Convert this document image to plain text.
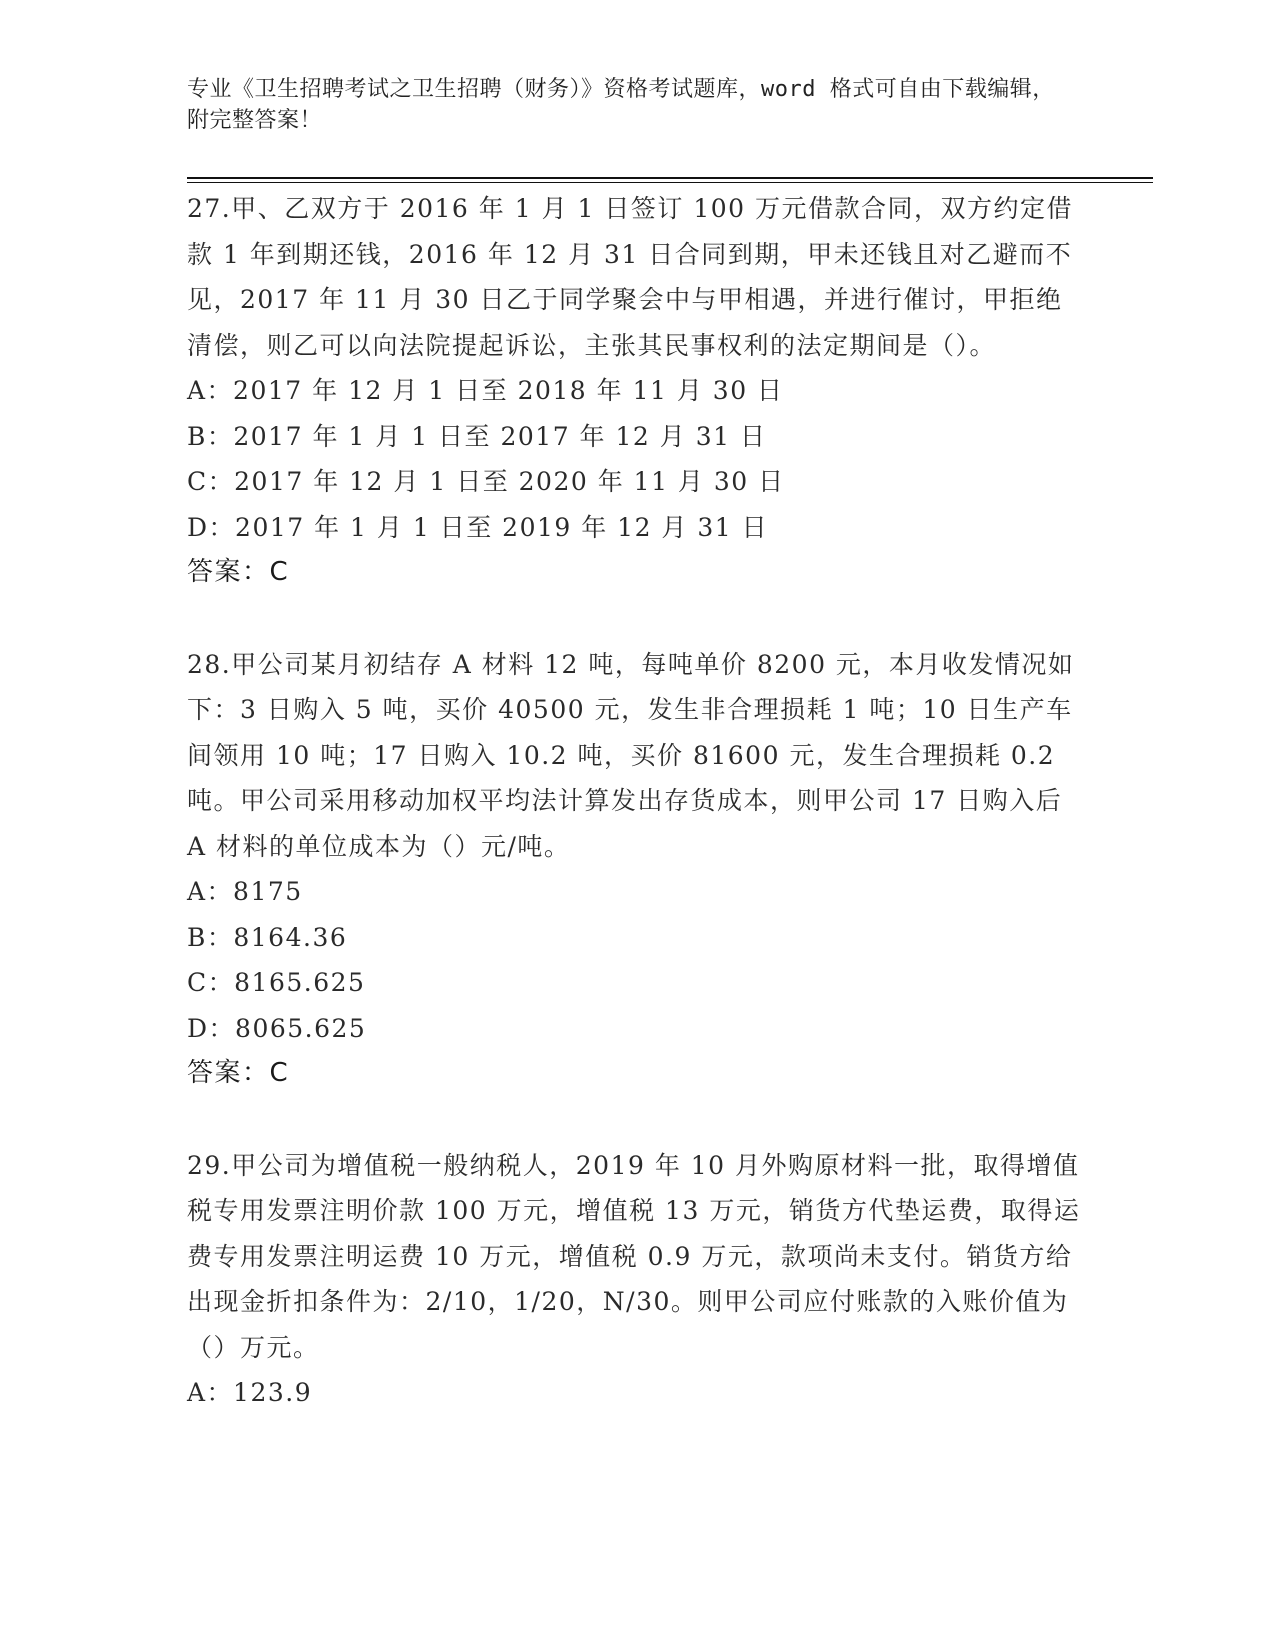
专业《卫生招聘考试之卫生招聘（财务）》资格考试题库，word 格式可自由下载编辑，附完整答案！

27.甲、乙双方于 2016 年 1 月 1 日签订 100 万元借款合同，双方约定借款 1 年到期还钱，2016 年 12 月 31 日合同到期，甲未还钱且对乙避而不见，2017 年 11 月 30 日乙于同学聚会中与甲相遇，并进行催讨，甲拒绝清偿，则乙可以向法院提起诉讼，主张其民事权利的法定期间是（）。

A：2017 年 12 月 1 日至 2018 年 11 月 30 日

B：2017 年 1 月 1 日至 2017 年 12 月 31 日

C：2017 年 12 月 1 日至 2020 年 11 月 30 日

D：2017 年 1 月 1 日至 2019 年 12 月 31 日

答案：C

28.甲公司某月初结存 A 材料 12 吨，每吨单价 8200 元，本月收发情况如下：3 日购入 5 吨，买价 40500 元，发生非合理损耗 1 吨；10 日生产车间领用 10 吨；17 日购入 10.2 吨，买价 81600 元，发生合理损耗 0.2 吨。甲公司采用移动加权平均法计算发出存货成本，则甲公司 17 日购入后 A 材料的单位成本为（）元/吨。

A：8175

B：8164.36

C：8165.625

D：8065.625

答案：C

29.甲公司为增值税一般纳税人，2019 年 10 月外购原材料一批，取得增值税专用发票注明价款 100 万元，增值税 13 万元，销货方代垫运费，取得运费专用发票注明运费 10 万元，增值税 0.9 万元，款项尚未支付。销货方给出现金折扣条件为：2/10，1/20，N/30。则甲公司应付账款的入账价值为（）万元。

A：123.9
